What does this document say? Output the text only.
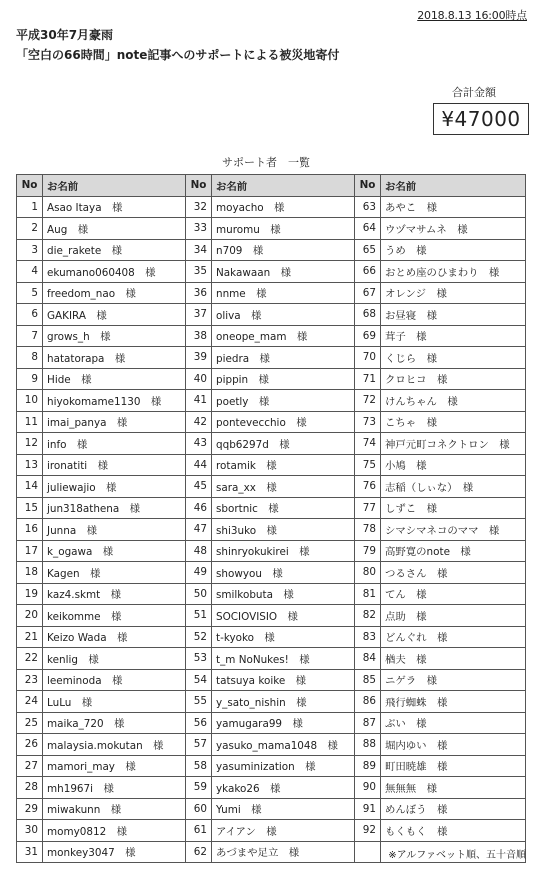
2018.8.13 16:00時点
平成30年7月豪雨
「空白の66時間」note記事へのサポートによる被災地寄付
合計金額
¥47000
サポート者　一覧
No	お名前	No	お名前	No	お名前
1	Asao Itaya　 様	32	moyacho　 様	63	あやこ　 様
2	Aug　 様	33	muromu　 様	64	ウヅマサムネ　 様
3	die_rakete　 様	34	n709　 様	65	うめ　 様
4	ekumano060408　 様	35	Nakawaan　 様	66	おとめ座のひまわり　 様
5	freedom_nao　 様	36	nnme　 様	67	オレンジ　 様
6	GAKIRA　 様	37	oliva　 様	68	お昼寝　 様
7	grows_h　 様	38	oneope_mam　 様	69	茸子　 様
8	hatatorapa　 様	39	piedra　 様	70	くじら　 様
9	Hide　 様	40	pippin　 様	71	クロヒコ　 様
10	hiyokomame1130　 様	41	poetly　 様	72	けんちゃん　 様
11	imai_panya　 様	42	pontevecchio　 様	73	こちゃ　 様
12	info　 様	43	qqb6297d　 様	74	神戸元町コネクトロン　 様
13	ironatiti　 様	44	rotamik　 様	75	小鳩　 様
14	juliewajio　 様	45	sara_xx　 様	76	志稲（しぃな）　 様
15	jun318athena　 様	46	sbortnic　 様	77	しずこ　 様
16	Junna　 様	47	shi3uko　 様	78	シマシマネコのママ　 様
17	k_ogawa　 様	48	shinryokukirei　 様	79	高野寛のnote　 様
18	Kagen　 様	49	showyou　 様	80	つるさん　 様
19	kaz4.skmt　 様	50	smilkobuta　 様	81	てん　 様
20	keikomme　 様	51	SOCIOVISIO　 様	82	点助　 様
21	Keizo Wada　 様	52	t-kyoko　 様	83	どんぐれ　 様
22	kenlig　 様	53	t_m NoNukes!　 様	84	楢夫　 様
23	leeminoda　 様	54	tatsuya koike　 様	85	ニゲラ　 様
24	LuLu　 様	55	y_sato_nishin　 様	86	飛行蜘蛛　 様
25	maika_720　 様	56	yamugara99　 様	87	ぶい　 様
26	malaysia.mokutan　 様	57	yasuko_mama1048　 様	88	堀内ゆい　 様
27	mamori_may　 様	58	yasuminization　 様	89	町田暁雄　 様
28	mh1967i　 様	59	ykako26　 様	90	無無無　 様
29	miwakunn　 様	60	Yumi　 様	91	めんぼう　 様
30	momy0812　 様	61	アイアン　 様	92	もくもく　 様
31	monkey3047　 様	62	あづまや足立　 様			※アルファベット順、五十音順
